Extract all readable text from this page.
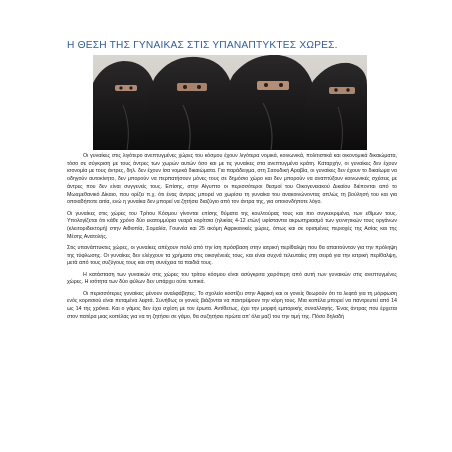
Η ΘΕΣΗ ΤΗΣ ΓΥΝΑΙΚΑΣ ΣΤΙΣ ΥΠΑΝΑΠΤΥΚΤΕΣ ΧΩΡΕΣ.

Οι γυναίκες στις λιγότερο ανεπτυγμένες χώρες του κόσμου έχουν λιγότερα νομικά, κοινωνικά, πολιτιστικά και οικονομικά δικαιώματα, τόσο σε σύγκριση με τους άντρες των χωρών αυτών όσο και με τις γυναίκες στα ανεπτυγμένα κράτη. Καταρχήν, οι γυναίκες δεν έχουν ισονομία με τους άντρες, δηλ. δεν έχουν ίσα νομικά δικαιώματα. Για παράδειγμα, στη Σαουδική Αραβία, οι γυναίκες δεν έχουν το δικαίωμα να οδηγούν αυτοκίνητο, δεν μπορούν να περπατήσουν μόνες τους σε δημόσιο χώρο και δεν μπορούν να αναπτύξουν κοινωνικές σχέσεις με άντρες που δεν είναι συγγενείς τους. Επίσης, στην Αίγυπτο οι περισσότεροι θεσμοί του Οικογενειακού Δικαίου διέπονται από το Μωαμεθανικό Δίκαιο, που ορίζει π.χ. ότι ένας άντρας μπορεί να χωρίσει τη γυναίκα του ανακοινώνοντας απλώς τη βούλησή του και για οποιαδήποτε αιτία, ενώ η γυναίκα δεν μπορεί να ζητήσει διαζύγιο από τον άντρα της, για οποιονδήποτε λόγο.

Οι γυναίκες στις χώρες του Τρίτου Κόσμου γίνονται επίσης θύματα της κουλτούρας τους και πιο συγκεκριμένα, των εθίμων τους. Υπολογίζεται ότι κάθε χρόνο δύο εκατομμύρια νεαρά κορίτσια (ηλικίας 4-12 ετών) υφίστανται ακρωτηριασμό των γεννητικών τους οργάνων (κλειτοριδεκτομή) στην Αιθιοπία, Σομαλία, Γουινέα και 25 ακόμη Αφρικανικές χώρες, όπως και σε ορισμένες περιοχές της Ασίας και της Μέσης Ανατολής.

Στις υπανάπτυκτες χώρες, οι γυναίκες απέχουν πολύ από την ίση πρόσβαση στην ιατρική περίθαλψη που θα απαιτούνταν για την πρόληψη της τύφλωσης. Οι γυναίκες δεν ελέγχουν τα χρήματα στις οικογένειές τους, και είναι συχνά τελευταίες στη σειρά για την ιατρική περίθαλψη, μετά από τους συζύγους τους και στη συνέχεια τα παιδιά τους.

Η κατάσταση των γυναικών στις χώρες του τρίτου κόσμου είναι ασύγκριτα χειρότερη από αυτή των γυναικών στις ανεπτυγμένες χώρες. Η ισότητα των δύο φύλων δεν υπάρχει ούτε τυπικά.

Οι περισσότερες γυναίκες μένουν αναλφάβητες. Το σχολείο κοστίζει στην Αφρική και οι γονείς θεωρούν ότι τα λεφτά για τη μόρφωση ενός κοριτσιού είναι πεταμένα λεφτά. Συνήθως οι γονείς βιάζονται να παντρέψουν την κόρη τους. Μια κοπέλα μπορεί να παντρευτεί από 14 ως 14 της χρόνια. Και ο γάμος δεν έχει σχέση με τον έρωτα. Αντίθετως, έχει την μορφή εμπορικής συναλλαγής. Ένας άντρας που έρχεται στον πατέρα μιας κοπέλας για να τη ζητήσει σε γάμο, θα συζητήσει πρώτα απ' όλα μαζί του την τιμή της. Πόσο δηλαδή
